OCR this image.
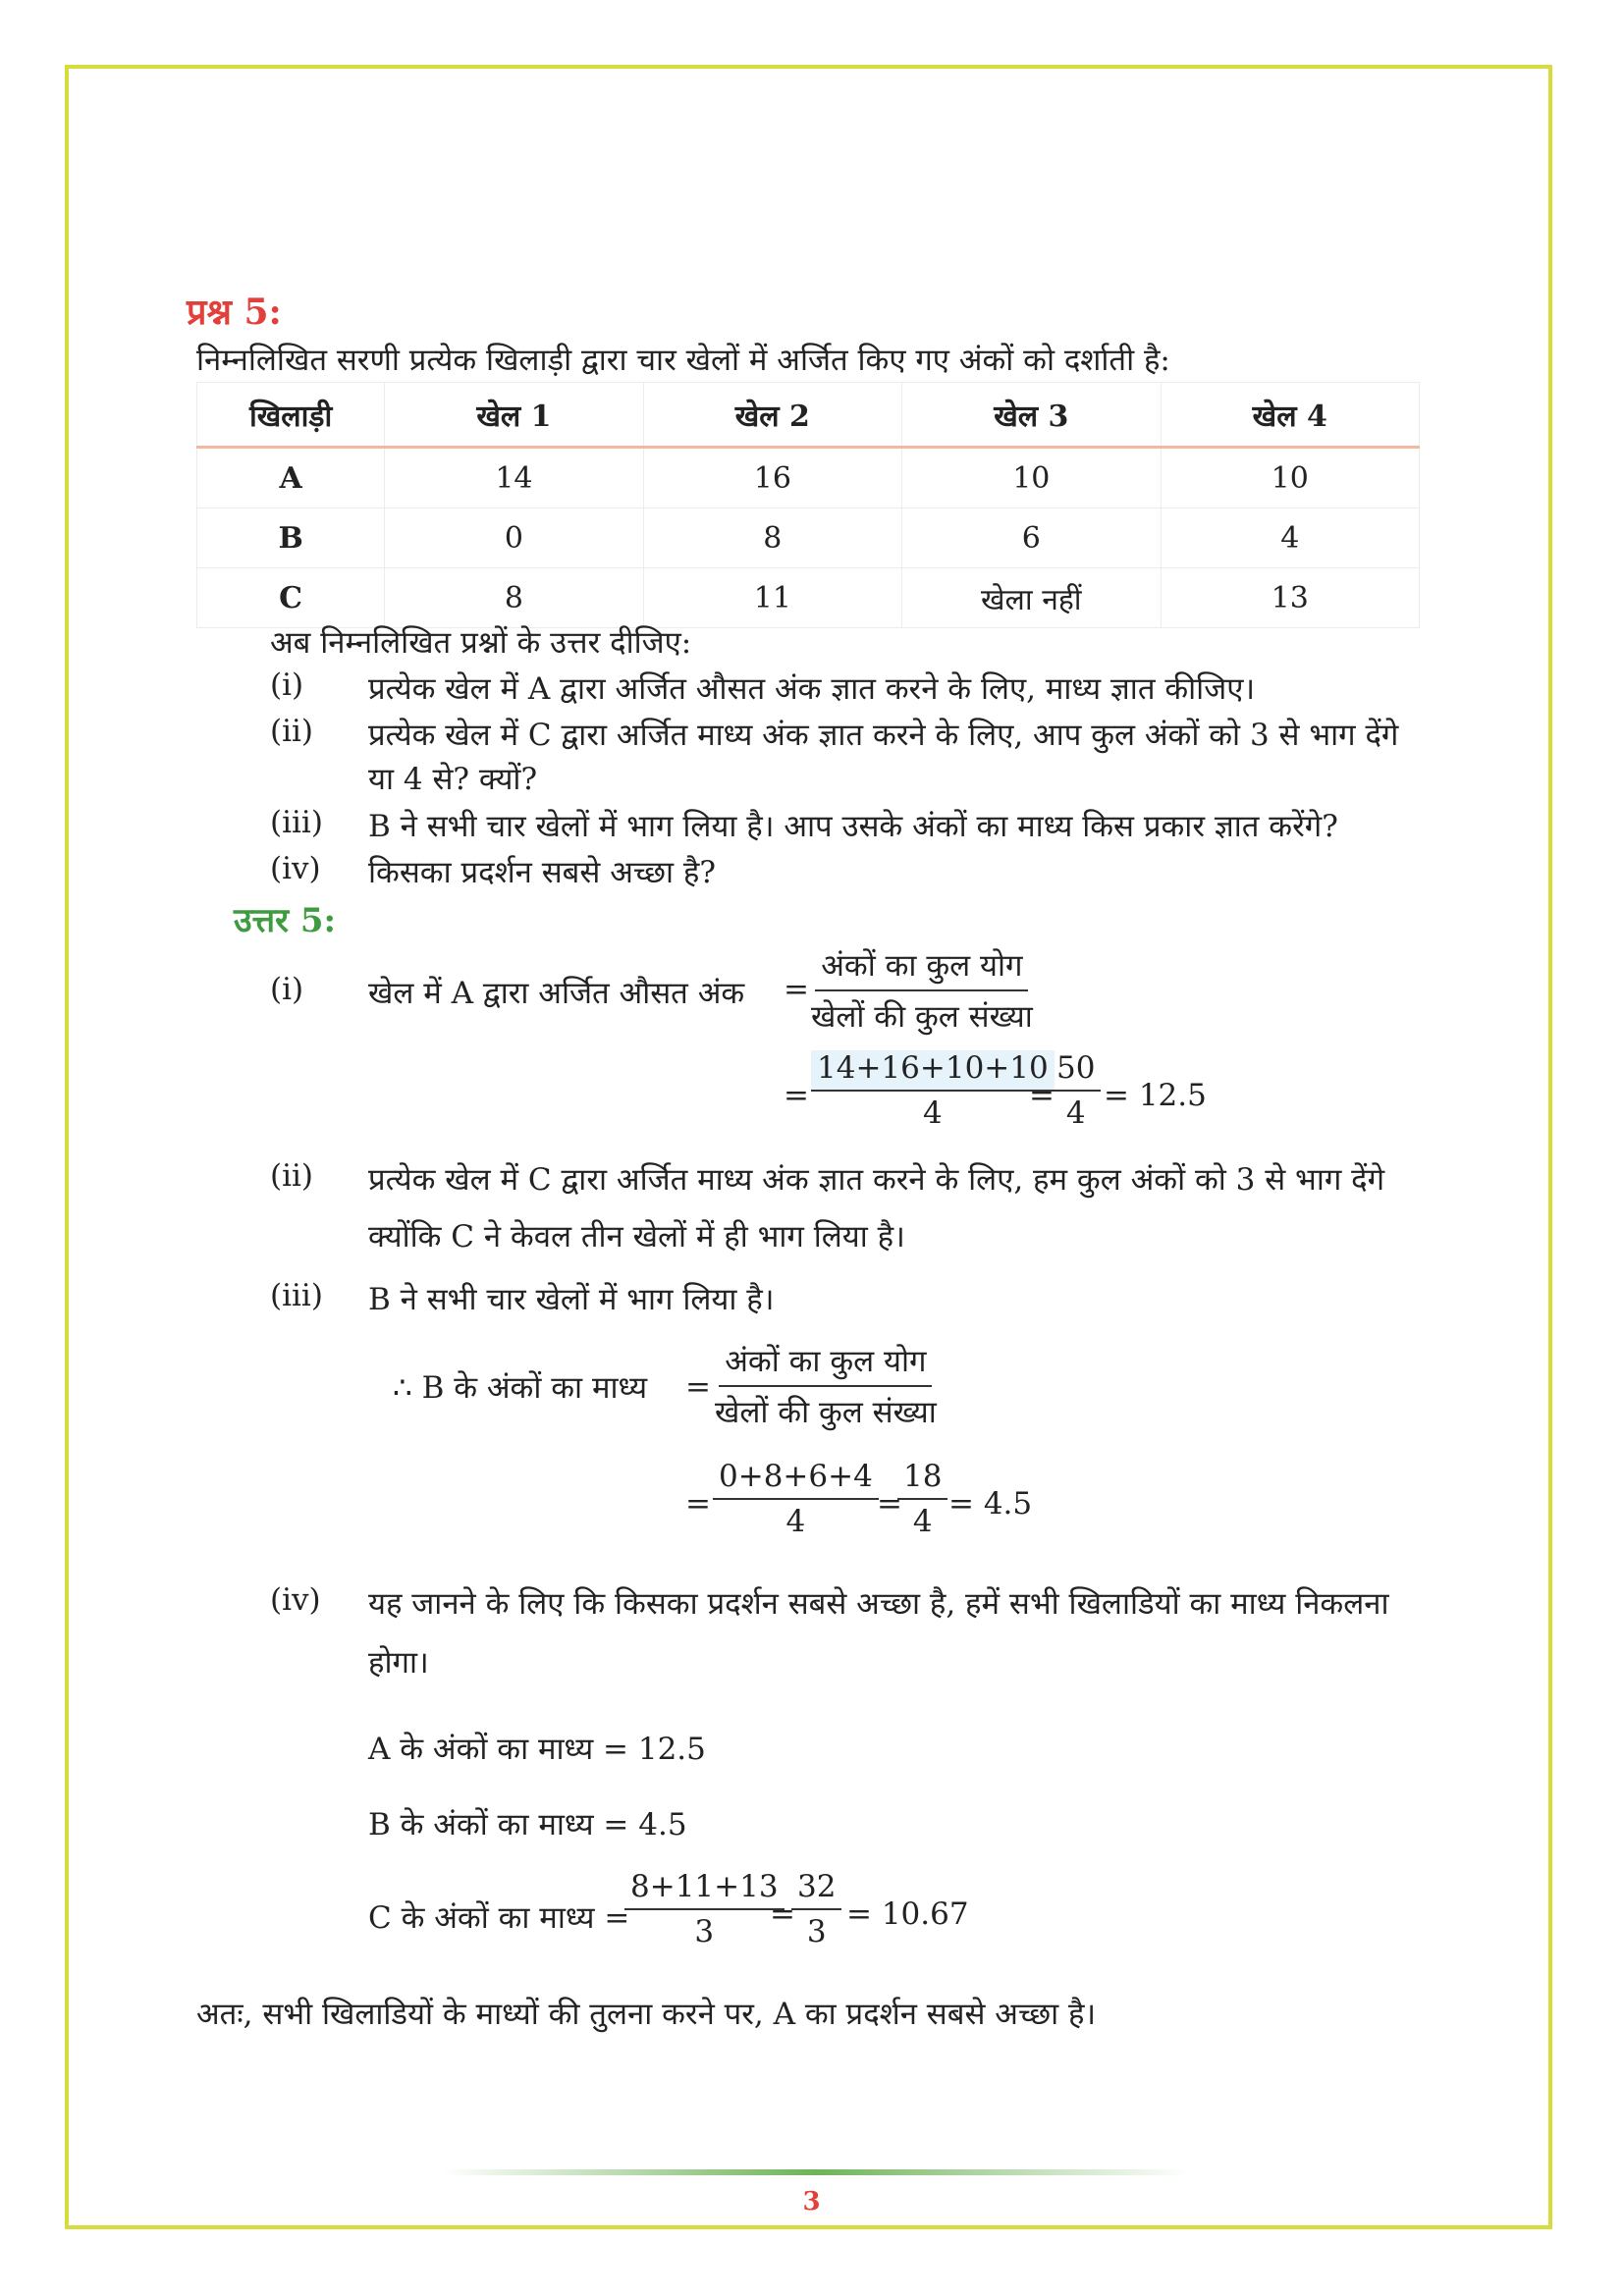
प्रश्न 5:
निम्नलिखित सरणी प्रत्येक खिलाड़ी द्वारा चार खेलों में अर्जित किए गए अंकों को दर्शाती है:
खिलाड़ी	खेल 1	खेल 2	खेल 3	खेल 4
A	14	16	10	10
B	0	8	6	4
C	8	11	खेला नहीं	13
अब निम्नलिखित प्रश्नों के उत्तर दीजिए:
(i) प्रत्येक खेल में A द्वारा अर्जित औसत अंक ज्ञात करने के लिए, माध्य ज्ञात कीजिए।
(ii) प्रत्येक खेल में C द्वारा अर्जित माध्य अंक ज्ञात करने के लिए, आप कुल अंकों को 3 से भाग देंगे
या 4 से? क्यों?
(iii) B ने सभी चार खेलों में भाग लिया है। आप उसके अंकों का माध्य किस प्रकार ज्ञात करेंगे?
(iv) किसका प्रदर्शन सबसे अच्छा है?
उत्तर 5:
(i) खेल में A द्वारा अर्जित औसत अंक =
अंकों का कुल योग
खेलों की कुल संख्या
= $\frac{14+16+10+10}{4}$
=
$\frac{50}{4} = 12.5$
(ii) प्रत्येक खेल में C द्वारा अर्जित माध्य अंक ज्ञात करने के लिए, हम कुल अंकों को 3 से भाग देंगे
क्योंकि C ने केवल तीन खेलों में ही भाग लिया है।
(iii) B ने सभी चार खेलों में भाग लिया है।
∴ B के अंकों का माध्य =
अंकों का कुल योग
खेलों की कुल संख्या
= $\frac{0+8+6+4}{4}$
=
$\frac{18}{4} = 4.5$
(iv) यह जानने के लिए कि किसका प्रदर्शन सबसे अच्छा है, हमें सभी खिलाडियों का माध्य निकलना
होगा।
A के अंकों का माध्य = 12.5
B के अंकों का माध्य = 4.5
C के अंकों का माध्य =
$\frac{8+11+13}{3}$
=
$\frac{32}{3} = 10.67$
अतः, सभी खिलाडियों के माध्यों की तुलना करने पर, A का प्रदर्शन सबसे अच्छा है।
3
